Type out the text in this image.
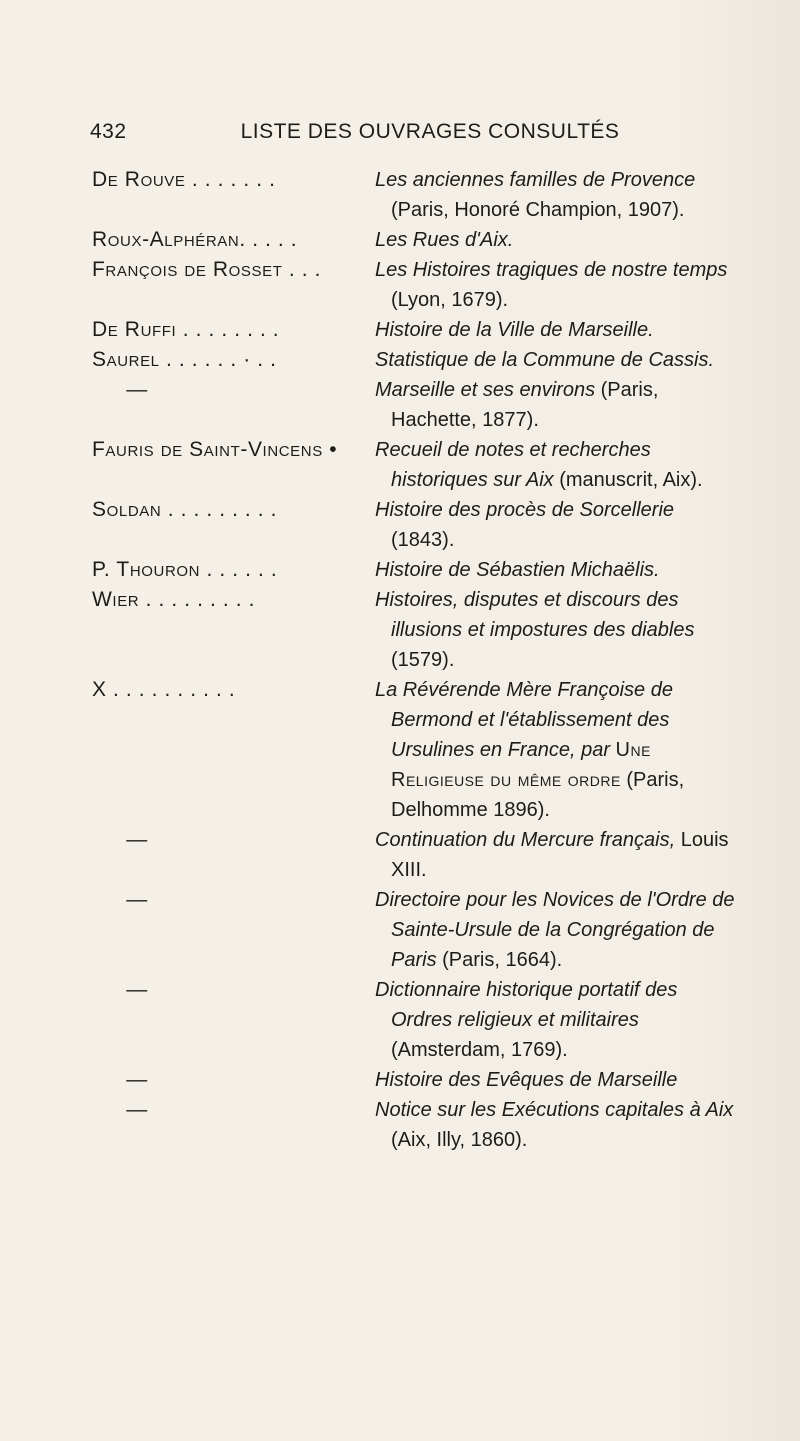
432	LISTE DES OUVRAGES CONSULTÉS
De Rouve . . . . . . .	Les anciennes familles de Provence (Paris, Honoré Champion, 1907).
Roux-Alphéran. . . . .	Les Rues d'Aix.
François de Rosset . . .	Les Histoires tragiques de nostre temps (Lyon, 1679).
De Ruffi . . . . . . . .	Histoire de la Ville de Marseille.
Saurel . . . . . . · . .	Statistique de la Commune de Cassis.
—	Marseille et ses environs (Paris, Hachette, 1877).
Fauris de Saint-Vincens •	Recueil de notes et recherches historiques sur Aix (manuscrit, Aix).
Soldan . . . . . . . . .	Histoire des procès de Sorcellerie (1843).
P. Thouron . . . . . .	Histoire de Sébastien Michaëlis.
Wier . . . . . . . . .	Histoires, disputes et discours des illusions et impostures des diables (1579).
X . . . . . . . . . .	La Révérende Mère Françoise de Bermond et l'établissement des Ursulines en France, par Une Religieuse du même ordre (Paris, Delhomme 1896).
—	Continuation du Mercure français, Louis XIII.
—	Directoire pour les Novices de l'Ordre de Sainte-Ursule de la Congrégation de Paris (Paris, 1664).
—	Dictionnaire historique portatif des Ordres religieux et militaires (Amsterdam, 1769).
—	Histoire des Evêques de Marseille
—	Notice sur les Exécutions capitales à Aix (Aix, Illy, 1860).
